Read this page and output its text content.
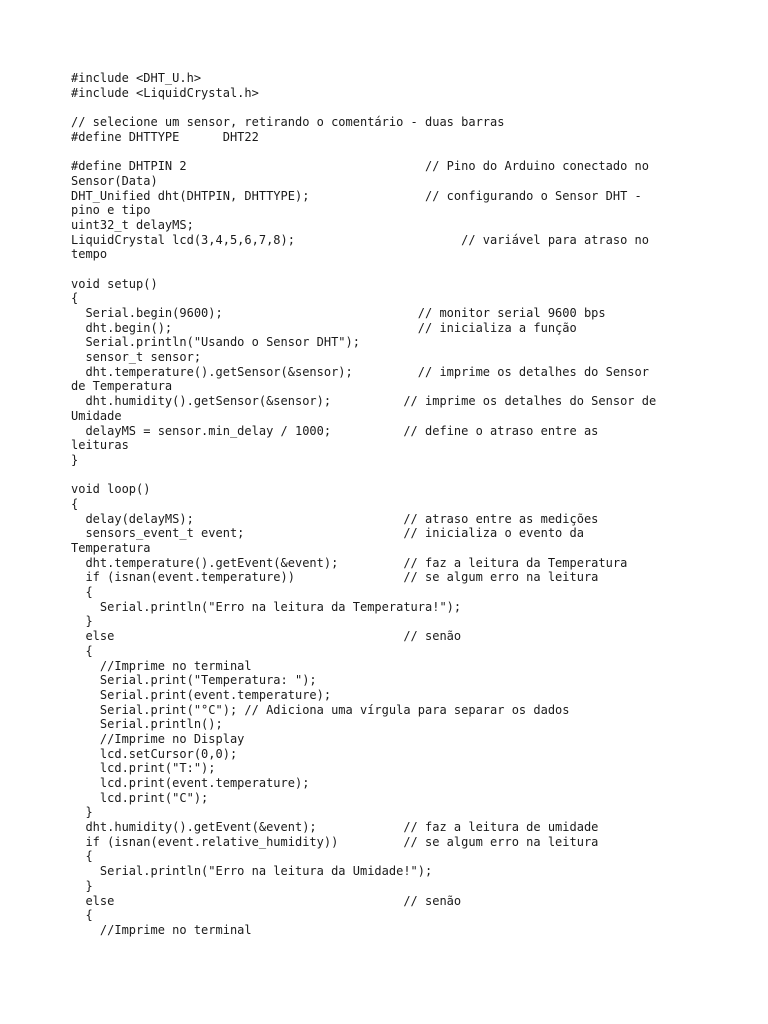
#include <DHT_U.h>
#include <LiquidCrystal.h>
// selecione um sensor, retirando o comentário - duas barras
#define DHTTYPE      DHT22
#define DHTPIN 2                                 // Pino do Arduino conectado no
Sensor(Data)
DHT_Unified dht(DHTPIN, DHTTYPE);                // configurando o Sensor DHT -
pino e tipo
uint32_t delayMS;
LiquidCrystal lcd(3,4,5,6,7,8);                       // variável para atraso no
tempo
void setup()
{
Serial.begin(9600);                           // monitor serial 9600 bps
dht.begin();                                  // inicializa a função
Serial.println("Usando o Sensor DHT");
sensor_t sensor;
dht.temperature().getSensor(&sensor);         // imprime os detalhes do Sensor
de Temperatura
dht.humidity().getSensor(&sensor);          // imprime os detalhes do Sensor de
Umidade
delayMS = sensor.min_delay / 1000;          // define o atraso entre as
leituras
}
void loop()
{
delay(delayMS);                             // atraso entre as medições
sensors_event_t event;                      // inicializa o evento da
Temperatura
dht.temperature().getEvent(&event);         // faz a leitura da Temperatura
if (isnan(event.temperature))               // se algum erro na leitura
{
Serial.println("Erro na leitura da Temperatura!");
}
else                                        // senão
{
//Imprime no terminal
Serial.print("Temperatura: ");
Serial.print(event.temperature);
Serial.print("°C"); // Adiciona uma vírgula para separar os dados
Serial.println();
//Imprime no Display
lcd.setCursor(0,0);
lcd.print("T:");
lcd.print(event.temperature);
lcd.print("C");
}
dht.humidity().getEvent(&event);            // faz a leitura de umidade
if (isnan(event.relative_humidity))         // se algum erro na leitura
{
Serial.println("Erro na leitura da Umidade!");
}
else                                        // senão
{
//Imprime no terminal
